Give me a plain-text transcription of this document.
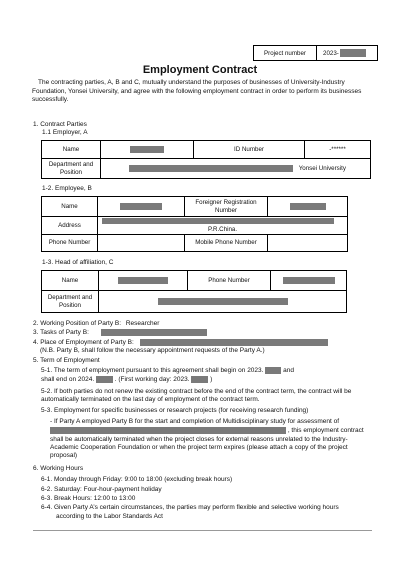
Project number	2023-
Employment Contract
The contracting parties, A, B and C, mutually understand the purposes of businesses of University-Industry Foundation, Yonsei University, and agree with the following employment contract in order to perform its businesses successfully.
1. Contract Parties
1.1 Employer, A
Name		ID Number	-******
Department and Position	Yonsei University		
1-2. Employee, B
Name		Foreigner Registration Number	
Address	P.R.China.		

Phone Number		Mobile Phone Number	
1-3. Head of affiliation, C
Name		Phone Number	
Department and Position			
2. Working Position of Party B: Researcher
3. Tasks of Party B:
4. Place of Employment of Party B:
(N.B. Party B, shall follow the necessary appointment requests of the Party A.)
5. Term of Employment
5-1. The term of employment pursuant to this agreement shall begin on 2023.	and
shall end on 2024.	. (First working day: 2023.	)
5-2. If both parties do not renew the existing contract before the end of the contract term, the contract will be automatically terminated on the last day of employment of the contract term.
5-3. Employment for specific businesses or research projects (for receiving research funding)
- If Party A employed Party B for the start and completion of Multidisciplinary study for assessment of
, this employment contract
shall be automatically terminated when the project closes for external reasons unrelated to the Industry-Academic Cooperation Foundation or when the project term expires (please attach a copy of the project proposal)
6. Working Hours
6-1. Monday through Friday: 9:00 to 18:00 (excluding break hours)
6-2. Saturday: Four-hour-payment holiday
6-3. Break Hours: 12:00 to 13:00
6-4. Given Party A’s certain circumstances, the parties may perform flexible and selective working hours
according to the Labor Standards Act
